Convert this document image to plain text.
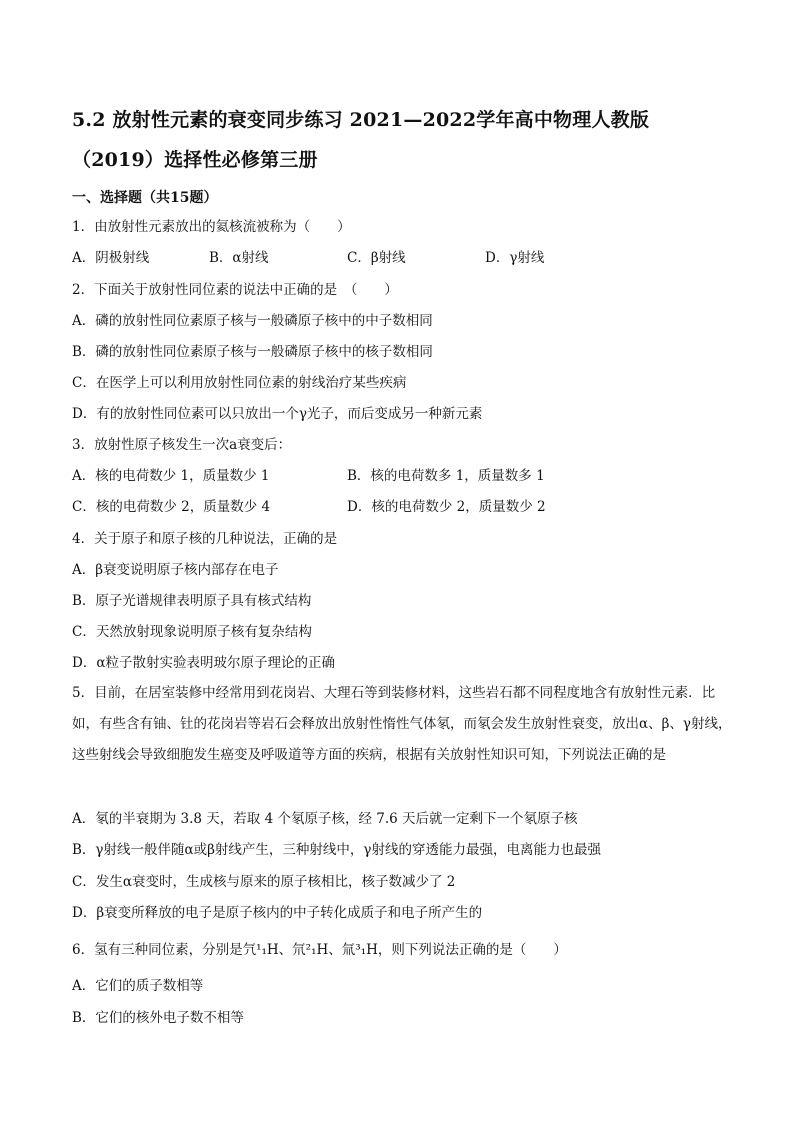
5.2 放射性元素的衰变同步练习 2021—2022学年高中物理人教版
（2019）选择性必修第三册
一、选择题（共15题）
1．由放射性元素放出的氦核流被称为（　　）
A．阴极射线	B．α射线	C．β射线	D．γ射线
2．下面关于放射性同位素的说法中正确的是　（　　）
A．磷的放射性同位素原子核与一般磷原子核中的中子数相同
B．磷的放射性同位素原子核与一般磷原子核中的核子数相同
C．在医学上可以利用放射性同位素的射线治疗某些疾病
D．有的放射性同位素可以只放出一个γ光子，而后变成另一种新元素
3．放射性原子核发生一次a衰变后：
A．核的电荷数少 1，质量数少 1	B．核的电荷数多 1，质量数多 1
C．核的电荷数少 2，质量数少 4	D．核的电荷数少 2，质量数少 2
4．关于原子和原子核的几种说法，正确的是
A．β衰变说明原子核内部存在电子
B．原子光谱规律表明原子具有核式结构
C．天然放射现象说明原子核有复杂结构
D．α粒子散射实验表明玻尔原子理论的正确
5．目前，在居室装修中经常用到花岗岩、大理石等到装修材料，这些岩石都不同程度地含有放射性元素．比如，有些含有铀、钍的花岗岩等岩石会释放出放射性惰性气体氡，而氡会发生放射性衰变，放出α、β、γ射线，这些射线会导致细胞发生癌变及呼吸道等方面的疾病，根据有关放射性知识可知，下列说法正确的是
A．氡的半衰期为 3.8 天，若取 4 个氡原子核，经 7.6 天后就一定剩下一个氡原子核
B．γ射线一般伴随α或β射线产生，三种射线中，γ射线的穿透能力最强，电离能力也最强
C．发生α衰变时，生成核与原来的原子核相比，核子数减少了 2
D．β衰变所释放的电子是原子核内的中子转化成质子和电子所产生的
6．氢有三种同位素，分别是氕¹₁H、氘²₁H、氚³₁H，则下列说法正确的是（　　）
A．它们的质子数相等
B．它们的核外电子数不相等
